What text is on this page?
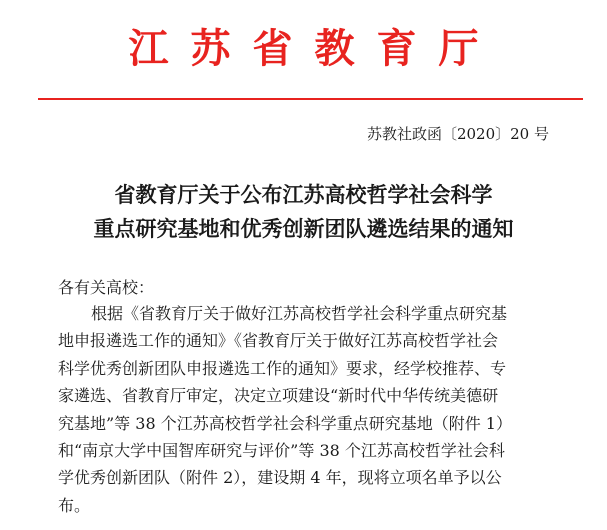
江苏省教育厅
苏教社政函〔2020〕20 号
省教育厅关于公布江苏高校哲学社会科学
重点研究基地和优秀创新团队遴选结果的通知
各有关高校：
根据《省教育厅关于做好江苏高校哲学社会科学重点研究基
地申报遴选工作的通知》《省教育厅关于做好江苏高校哲学社会
科学优秀创新团队申报遴选工作的通知》要求，经学校推荐、专
家遴选、省教育厅审定，决定立项建设“新时代中华传统美德研
究基地”等 38 个江苏高校哲学社会科学重点研究基地（附件 1）
和“南京大学中国智库研究与评价”等 38 个江苏高校哲学社会科
学优秀创新团队（附件 2），建设期 4 年，现将立项名单予以公
布。
